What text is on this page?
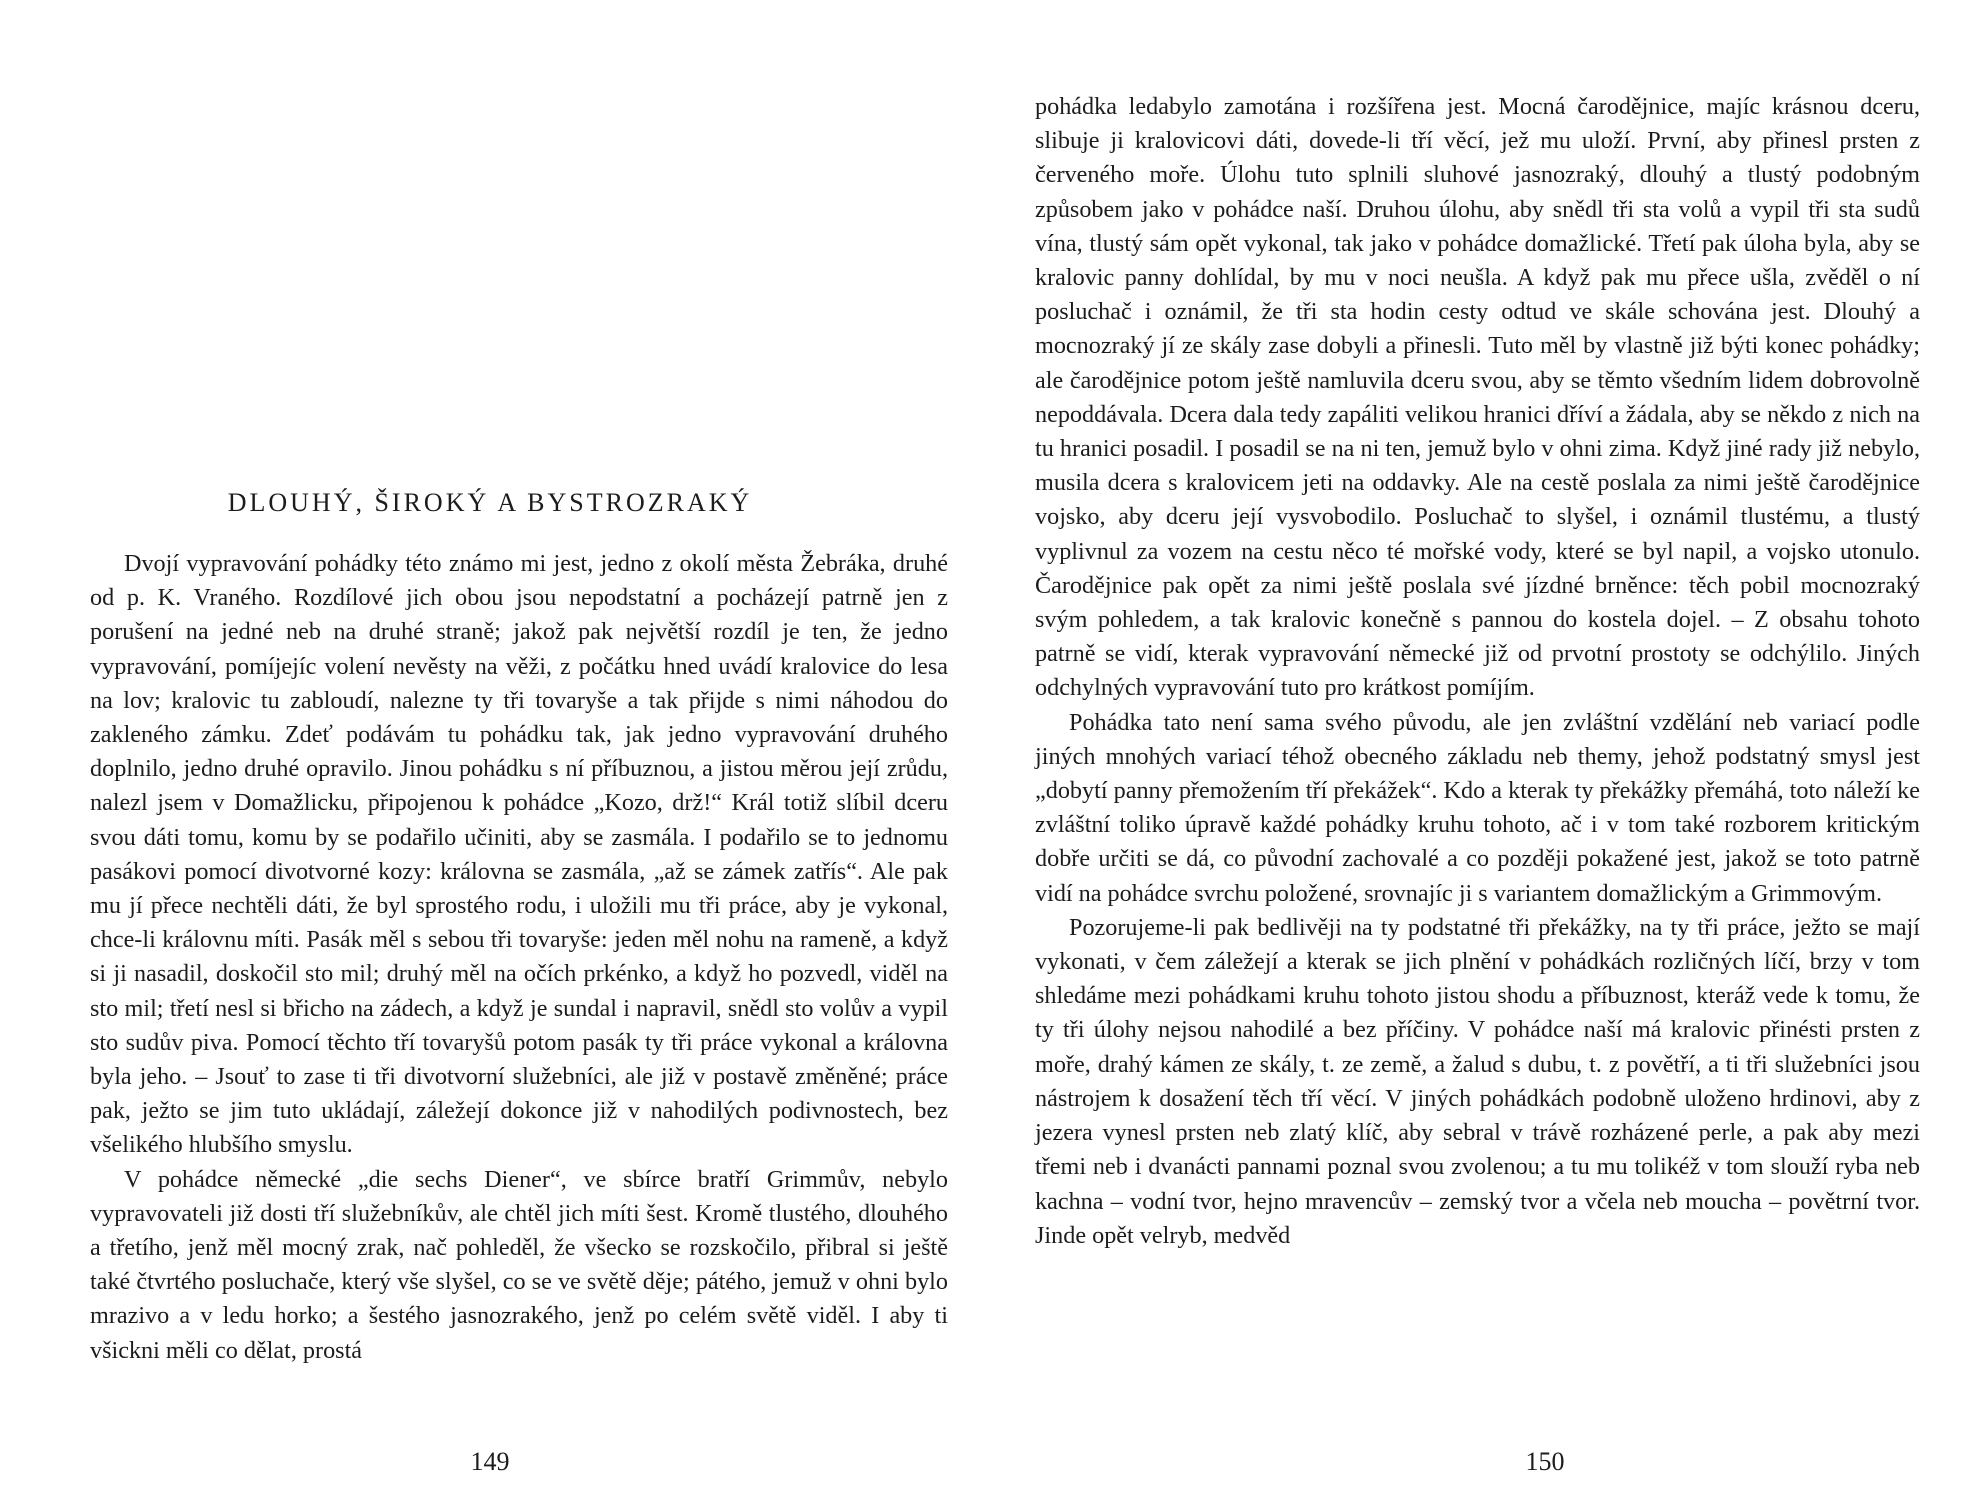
DLOUHÝ, ŠIROKÝ A BYSTROZRAKÝ

Dvojí vypravování pohádky této známo mi jest, jedno z okolí města Žebráka, druhé od p. K. Vraného. Rozdílové jich obou jsou nepodstatní a pocházejí patrně jen z porušení na jedné neb na druhé straně; jakož pak největší rozdíl je ten, že jedno vypravování, pomíjejíc volení nevěsty na věži, z počátku hned uvádí kralovice do lesa na lov; kralovic tu zabloudí, nalezne ty tři tovaryše a tak přijde s nimi náhodou do zakleného zámku. Zdeť podávám tu pohádku tak, jak jedno vypravování druhého doplnilo, jedno druhé opravilo. Jinou pohádku s ní příbuznou, a jistou měrou její zrůdu, nalezl jsem v Domažlicku, připojenou k pohádce „Kozo, drž!“ Král totiž slíbil dceru svou dáti tomu, komu by se podařilo učiniti, aby se zasmála. I podařilo se to jednomu pasákovi pomocí divotvorné kozy: královna se zasmála, „až se zámek zatřís“. Ale pak mu jí přece nechtěli dáti, že byl sprostého rodu, i uložili mu tři práce, aby je vykonal, chce-li královnu míti. Pasák měl s sebou tři tovaryše: jeden měl nohu na rameně, a když si ji nasadil, doskočil sto mil; druhý měl na očích prkénko, a když ho pozvedl, viděl na sto mil; třetí nesl si břicho na zádech, a když je sundal i napravil, snědl sto volův a vypil sto sudův piva. Pomocí těchto tří tovaryšů potom pasák ty tři práce vykonal a královna byla jeho. – Jsouť to zase ti tři divotvorní služebníci, ale již v postavě změněné; práce pak, ježto se jim tuto ukládají, záležejí dokonce již v nahodilých podivnostech, bez všelikého hlubšího smyslu.

V pohádce německé „die sechs Diener“, ve sbírce bratří Grimmův, nebylo vypravovateli již dosti tří služebníkův, ale chtěl jich míti šest. Kromě tlustého, dlouhého a třetího, jenž měl mocný zrak, nač pohleděl, že všecko se rozskočilo, přibral si ještě také čtvrtého posluchače, který vše slyšel, co se ve světě děje; pátého, jemuž v ohni bylo mrazivo a v ledu horko; a šestého jasnozrakého, jenž po celém světě viděl. I aby ti všickni měli co dělat, prostá

149

pohádka ledabylo zamotána i rozšířena jest. Mocná čarodějnice, majíc krásnou dceru, slibuje ji kralovicovi dáti, dovede-li tří věcí, jež mu uloží. První, aby přinesl prsten z červeného moře. Úlohu tuto splnili sluhové jasnozraký, dlouhý a tlustý podobným způsobem jako v pohádce naší. Druhou úlohu, aby snědl tři sta volů a vypil tři sta sudů vína, tlustý sám opět vykonal, tak jako v pohádce domažlické. Třetí pak úloha byla, aby se kralovic panny dohlídal, by mu v noci neušla. A když pak mu přece ušla, zvěděl o ní posluchač i oznámil, že tři sta hodin cesty odtud ve skále schována jest. Dlouhý a mocnozraký jí ze skály zase dobyli a přinesli. Tuto měl by vlastně již býti konec pohádky; ale čarodějnice potom ještě namluvila dceru svou, aby se těmto všedním lidem dobrovolně nepoddávala. Dcera dala tedy zapáliti velikou hranici dříví a žádala, aby se někdo z nich na tu hranici posadil. I posadil se na ni ten, jemuž bylo v ohni zima. Když jiné rady již nebylo, musila dcera s kralovicem jeti na oddavky. Ale na cestě poslala za nimi ještě čarodějnice vojsko, aby dceru její vysvobodilo. Posluchač to slyšel, i oznámil tlustému, a tlustý vyplivnul za vozem na cestu něco té mořské vody, které se byl napil, a vojsko utonulo. Čarodějnice pak opět za nimi ještě poslala své jízdné brněnce: těch pobil mocnozraký svým pohledem, a tak kralovic konečně s pannou do kostela dojel. – Z obsahu tohoto patrně se vidí, kterak vypravování německé již od prvotní prostoty se odchýlilo. Jiných odchylných vypravování tuto pro krátkost pomíjím.

Pohádka tato není sama svého původu, ale jen zvláštní vzdělání neb variací podle jiných mnohých variací téhož obecného základu neb themy, jehož podstatný smysl jest „dobytí panny přemožením tří překážek“. Kdo a kterak ty překážky přemáhá, toto náleží ke zvláštní toliko úpravě každé pohádky kruhu tohoto, ač i v tom také rozborem kritickým dobře určiti se dá, co původní zachovalé a co později pokažené jest, jakož se toto patrně vidí na pohádce svrchu položené, srovnajíc ji s variantem domažlickým a Grimmovým.

Pozorujeme-li pak bedlivěji na ty podstatné tři překážky, na ty tři práce, ježto se mají vykonati, v čem záležejí a kterak se jich plnění v pohádkách rozličných líčí, brzy v tom shledáme mezi pohádkami kruhu tohoto jistou shodu a příbuznost, kteráž vede k tomu, že ty tři úlohy nejsou nahodilé a bez příčiny. V pohádce naší má kralovic přinésti prsten z moře, drahý kámen ze skály, t. ze země, a žalud s dubu, t. z povětří, a ti tři služebníci jsou nástrojem k dosažení těch tří věcí. V jiných pohádkách podobně uloženo hrdinovi, aby z jezera vynesl prsten neb zlatý klíč, aby sebral v trávě rozházené perle, a pak aby mezi třemi neb i dvanácti pannami poznal svou zvolenou; a tu mu tolikéž v tom slouží ryba neb kachna – vodní tvor, hejno mravencův – zemský tvor a včela neb moucha – povětrní tvor. Jinde opět velryb, medvěd

150
